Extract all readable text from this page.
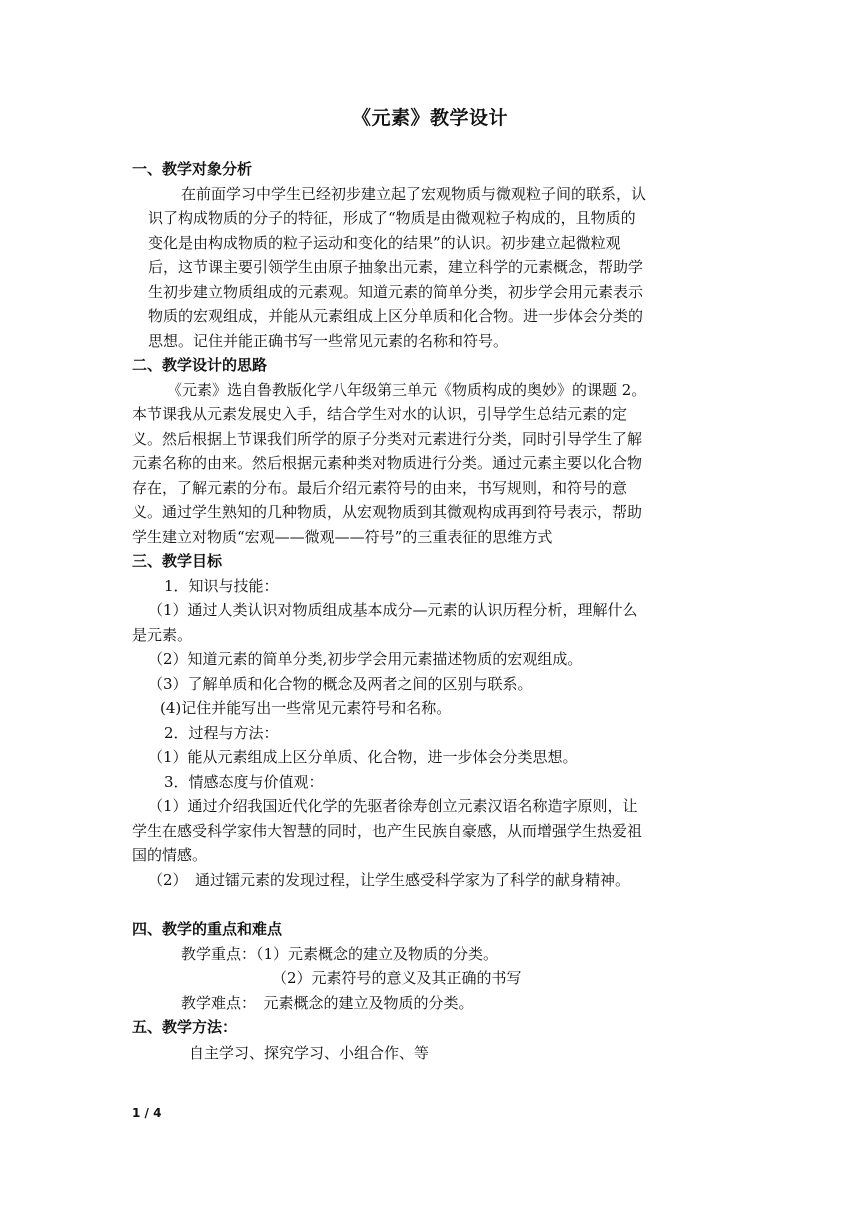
《元素》教学设计
一、教学对象分析
在前面学习中学生已经初步建立起了宏观物质与微观粒子间的联系，认
识了构成物质的分子的特征，形成了“物质是由微观粒子构成的，且物质的
变化是由构成物质的粒子运动和变化的结果”的认识。初步建立起微粒观
后，这节课主要引领学生由原子抽象出元素，建立科学的元素概念，帮助学
生初步建立物质组成的元素观。知道元素的简单分类，初步学会用元素表示
物质的宏观组成，并能从元素组成上区分单质和化合物。进一步体会分类的
思想。记住并能正确书写一些常见元素的名称和符号。
二、教学设计的思路
《元素》选自鲁教版化学八年级第三单元《物质构成的奥妙》的课题 2。
本节课我从元素发展史入手，结合学生对水的认识，引导学生总结元素的定
义。然后根据上节课我们所学的原子分类对元素进行分类，同时引导学生了解
元素名称的由来。然后根据元素种类对物质进行分类。通过元素主要以化合物
存在，了解元素的分布。最后介绍元素符号的由来，书写规则，和符号的意
义。通过学生熟知的几种物质，从宏观物质到其微观构成再到符号表示，帮助
学生建立对物质“宏观——微观——符号”的三重表征的思维方式
三、教学目标
1．知识与技能：
（1）通过人类认识对物质组成基本成分—元素的认识历程分析，理解什么
是元素。
（2）知道元素的简单分类,初步学会用元素描述物质的宏观组成。
（3）了解单质和化合物的概念及两者之间的区别与联系。
(4)记住并能写出一些常见元素符号和名称。
2．过程与方法：
（1）能从元素组成上区分单质、化合物，进一步体会分类思想。
3．情感态度与价值观：
（1）通过介绍我国近代化学的先驱者徐寿创立元素汉语名称造字原则，让
学生在感受科学家伟大智慧的同时，也产生民族自豪感，从而增强学生热爱祖
国的情感。
（2）　通过镭元素的发现过程，让学生感受科学家为了科学的献身精神。
四、教学的重点和难点
教学重点：（1）元素概念的建立及物质的分类。
（2）元素符号的意义及其正确的书写
教学难点：　元素概念的建立及物质的分类。
五、教学方法：
自主学习、探究学习、小组合作、等
1 / 4
